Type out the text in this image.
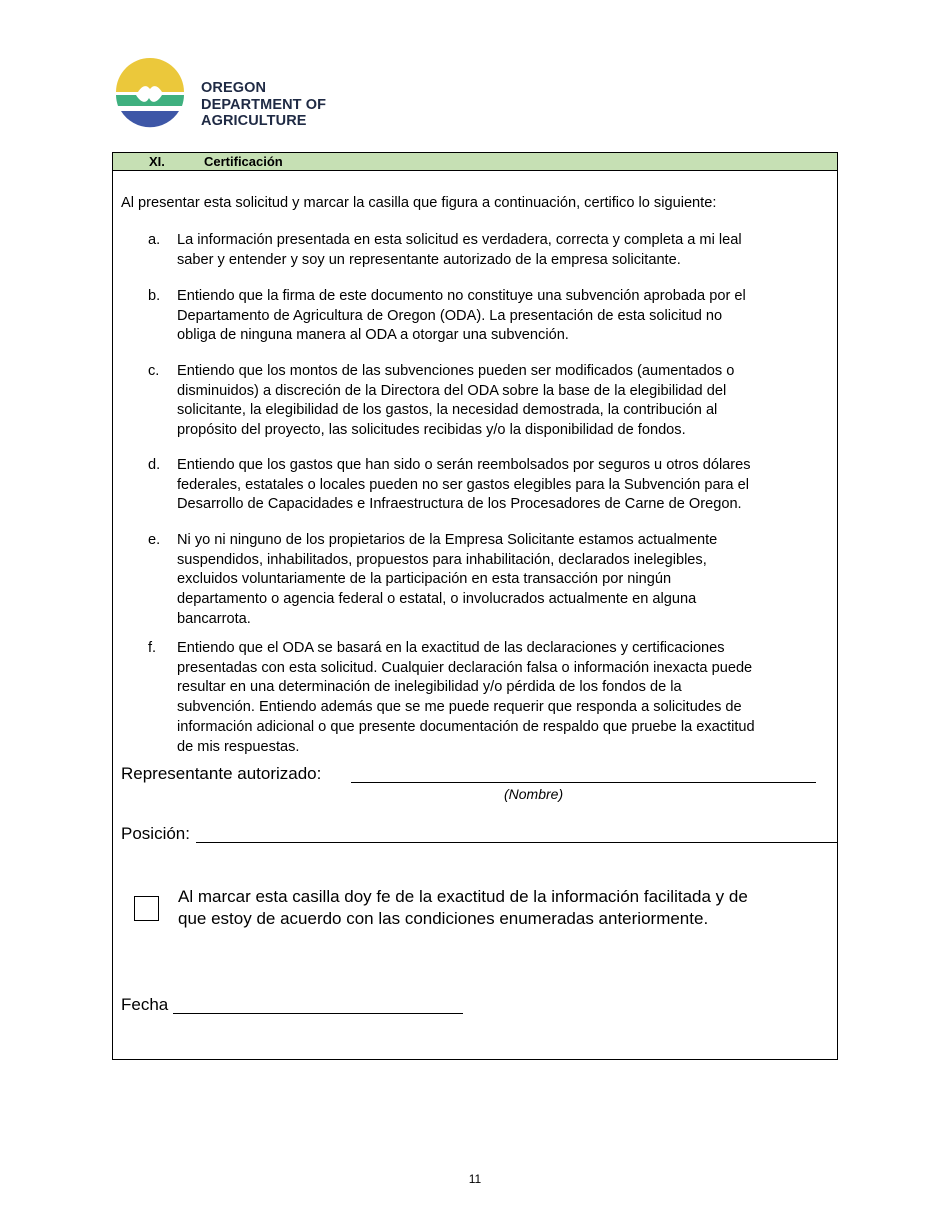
OREGON
DEPARTMENT OF
AGRICULTURE
XI.	Certificación
Al presentar esta solicitud y marcar la casilla que figura a continuación, certifico lo siguiente:
a. La información presentada en esta solicitud es verdadera, correcta y completa a mi leal
saber y entender y soy un representante autorizado de la empresa solicitante.
b. Entiendo que la firma de este documento no constituye una subvención aprobada por el
Departamento de Agricultura de Oregon (ODA). La presentación de esta solicitud no
obliga de ninguna manera al ODA a otorgar una subvención.
c. Entiendo que los montos de las subvenciones pueden ser modificados (aumentados o
disminuidos) a discreción de la Directora del ODA sobre la base de la elegibilidad del
solicitante, la elegibilidad de los gastos, la necesidad demostrada, la contribución al
propósito del proyecto, las solicitudes recibidas y/o la disponibilidad de fondos.
d. Entiendo que los gastos que han sido o serán reembolsados por seguros u otros dólares
federales, estatales o locales pueden no ser gastos elegibles para la Subvención para el
Desarrollo de Capacidades e Infraestructura de los Procesadores de Carne de Oregon.
e. Ni yo ni ninguno de los propietarios de la Empresa Solicitante estamos actualmente
suspendidos, inhabilitados, propuestos para inhabilitación, declarados inelegibles,
excluidos voluntariamente de la participación en esta transacción por ningún
departamento o agencia federal o estatal, o involucrados actualmente en alguna
bancarrota.
f. Entiendo que el ODA se basará en la exactitud de las declaraciones y certificaciones
presentadas con esta solicitud. Cualquier declaración falsa o información inexacta puede
resultar en una determinación de inelegibilidad y/o pérdida de los fondos de la
subvención. Entiendo además que se me puede requerir que responda a solicitudes de
información adicional o que presente documentación de respaldo que pruebe la exactitud
de mis respuestas.
Representante autorizado:
(Nombre)
Posición:
Al marcar esta casilla doy fe de la exactitud de la información facilitada y de
que estoy de acuerdo con las condiciones enumeradas anteriormente.
Fecha
11
